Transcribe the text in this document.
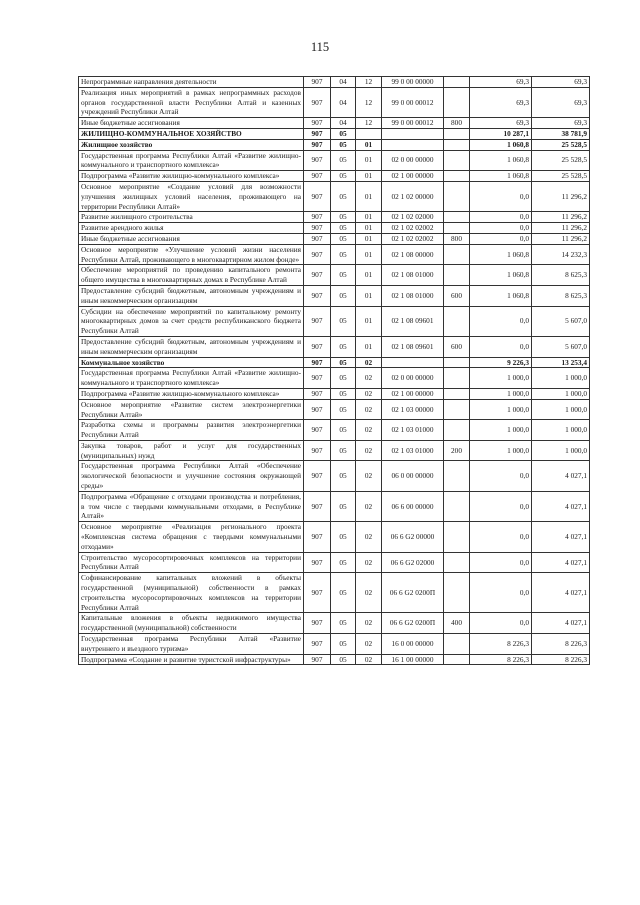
115
Непрограммные направления деятельности	907	04	12	99 0 00 00000		69,3	69,3
Реализация иных мероприятий в рамках непрограммных расходов органов государственной власти Республики Алтай и казенных учреждений Республики Алтай	907	04	12	99 0 00 00012		69,3	69,3
Иные бюджетные ассигнования	907	04	12	99 0 00 00012	800	69,3	69,3
ЖИЛИЩНО-КОММУНАЛЬНОЕ ХОЗЯЙСТВО	907	05				10 287,1	38 781,9
Жилищное хозяйство	907	05	01			1 060,8	25 528,5
Государственная программа Республики Алтай «Развитие жилищно-коммунального и транспортного комплекса»	907	05	01	02 0 00 00000		1 060,8	25 528,5
Подпрограмма «Развитие жилищно-коммунального комплекса»	907	05	01	02 1 00 00000		1 060,8	25 528,5
Основное мероприятие «Создание условий для возможности улучшения жилищных условий населения, проживающего на территории Республики Алтай»	907	05	01	02 1 02 00000		0,0	11 296,2
Развитие жилищного строительства	907	05	01	02 1 02 02000		0,0	11 296,2
Развитие арендного жилья	907	05	01	02 1 02 02002		0,0	11 296,2
Иные бюджетные ассигнования	907	05	01	02 1 02 02002	800	0,0	11 296,2
Основное мероприятие «Улучшение условий жизни населения Республики Алтай, проживающего в многоквартирном жилом фонде»	907	05	01	02 1 08 00000		1 060,8	14 232,3
Обеспечение мероприятий по проведению капитального ремонта общего имущества в многоквартирных домах в Республике Алтай	907	05	01	02 1 08 01000		1 060,8	8 625,3
Предоставление субсидий бюджетным, автономным учреждениям и иным некоммерческим организациям	907	05	01	02 1 08 01000	600	1 060,8	8 625,3
Субсидии на обеспечение мероприятий по капитальному ремонту многоквартирных домов за счет средств республиканского бюджета Республики Алтай	907	05	01	02 1 08 09601		0,0	5 607,0
Предоставление субсидий бюджетным, автономным учреждениям и иным некоммерческим организациям	907	05	01	02 1 08 09601	600	0,0	5 607,0
Коммунальное хозяйство	907	05	02			9 226,3	13 253,4
Государственная программа Республики Алтай «Развитие жилищно-коммунального и транспортного комплекса»	907	05	02	02 0 00 00000		1 000,0	1 000,0
Подпрограмма «Развитие жилищно-коммунального комплекса»	907	05	02	02 1 00 00000		1 000,0	1 000,0
Основное мероприятие «Развитие систем электроэнергетики Республики Алтай»	907	05	02	02 1 03 00000		1 000,0	1 000,0
Разработка схемы и программы развития электроэнергетики Республики Алтай	907	05	02	02 1 03 01000		1 000,0	1 000,0
Закупка товаров, работ и услуг для государственных (муниципальных) нужд	907	05	02	02 1 03 01000	200	1 000,0	1 000,0
Государственная программа Республики Алтай «Обеспечение экологической безопасности и улучшение состояния окружающей среды»	907	05	02	06 0 00 00000		0,0	4 027,1
Подпрограмма «Обращение с отходами производства и потребления, в том числе с твердыми коммунальными отходами, в Республике Алтай»	907	05	02	06 6 00 00000		0,0	4 027,1
Основное мероприятие «Реализация регионального проекта «Комплексная система обращения с твердыми коммунальными отходами»	907	05	02	06 6 G2 00000		0,0	4 027,1
Строительство мусоросортировочных комплексов на территории Республики Алтай	907	05	02	06 6 G2 02000		0,0	4 027,1
Софинансирование капитальных вложений в объекты государственной (муниципальной) собственности в рамках строительства мусоросортировочных комплексов на территории Республики Алтай	907	05	02	06 6 G2 0200П		0,0	4 027,1
Капитальные вложения в объекты недвижимого имущества государственной (муниципальной) собственности	907	05	02	06 6 G2 0200П	400	0,0	4 027,1
Государственная программа Республики Алтай «Развитие внутреннего и въездного туризма»	907	05	02	16 0 00 00000		8 226,3	8 226,3
Подпрограмма «Создание и развитие туристской инфраструктуры»	907	05	02	16 1 00 00000		8 226,3	8 226,3
